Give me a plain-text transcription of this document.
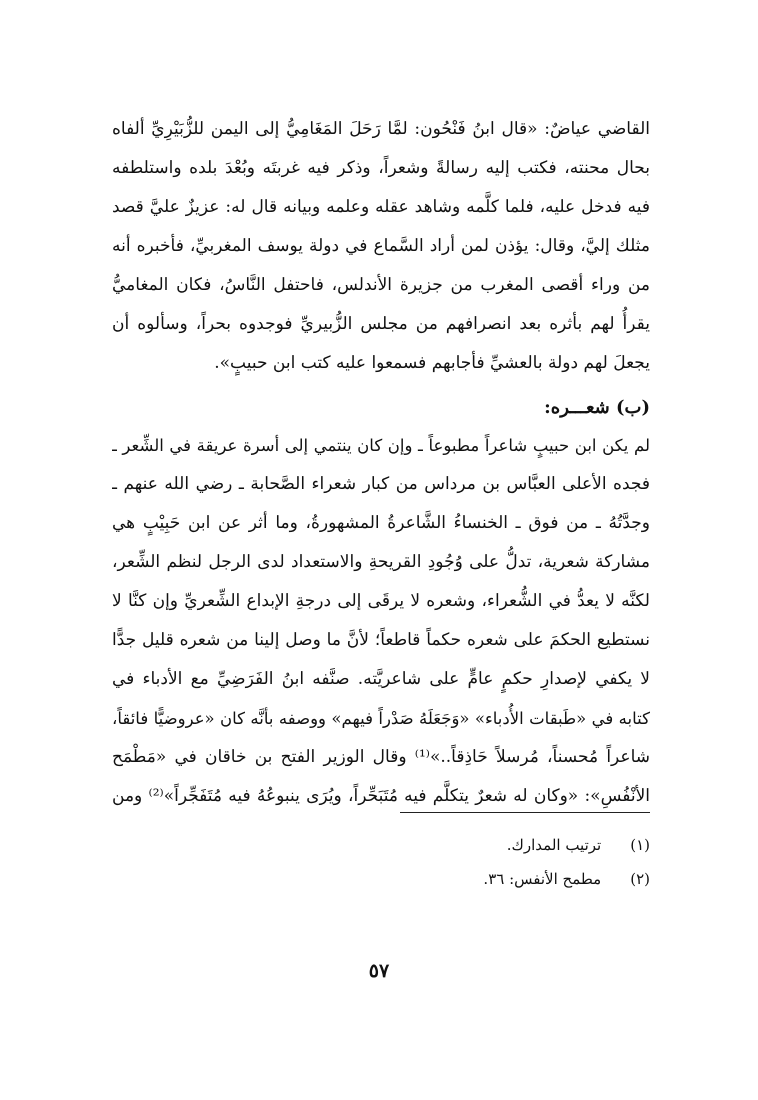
القاضي عياضٌ: «قال ابنُ فَنْحُون: لمَّا رَحَلَ المَغَامِيُّ إلى اليمن للزُّبَيْرِيِّ ألفاه
بحال محنته، فكتب إليه رسالةً وشعراً، وذكر فيه غربتَه وبُعْدَ بلده واستلطفه
فيه فدخل عليه، فلما كلَّمه وشاهد عقله وعلمه وبيانه قال له: عزيزٌ عليَّ قصد
مثلك إليَّ، وقال: يؤذن لمن أراد السَّماع في دولة يوسف المغربيِّ، فأخبره أنه
من وراء أقصى المغرب من جزيرة الأندلس، فاحتفل النَّاسُ، فكان المغاميُّ
يقرأُ لهم بأثره بعد انصرافهم من مجلس الزُّبيريِّ فوجدوه بحراً، وسألوه أن
يجعلَ لهم دولة بالعشيِّ فأجابهم فسمعوا عليه كتب ابن حبيبٍ».
(ب) شعـــره:
لم يكن ابن حبيبٍ شاعراً مطبوعاً ـ وإن كان ينتمي إلى أسرة عريقة في الشِّعر ـ
فجده الأعلى العبَّاس بن مرداس من كبار شعراء الصَّحابة ـ رضي الله عنهم ـ
وجدَّتُهُ ـ من فوق ـ الخنساءُ الشَّاعرةُ المشهورةُ، وما أثر عن ابن حَبِيْبٍ هي
مشاركة شعرية، تدلُّ على وُجُودِ القريحةِ والاستعداد لدى الرجل لنظم الشِّعر،
لكنَّه لا يعدُّ في الشُّعراء، وشعره لا يرقَى إلى درجةِ الإبداع الشِّعريِّ وإن كنَّا لا
نستطيع الحكمَ على شعره حكماً قاطعاً؛ لأنَّ ما وصل إلينا من شعره قليل جدًّا
لا يكفي لإصدارِ حكمٍ عامٍّ على شاعريَّته. صنَّفه ابنُ الفَرَضِيِّ مع الأدباء في
كتابه في «طَبقات الأُدباء» «وَجَعَلَهُ صَدْراً فيهم» ووصفه بأنَّه كان «عروضيًّا فائقاً،
شاعراً مُحسناً، مُرسلاً حَاذِقاً..»⁽¹⁾ وقال الوزير الفتح بن خاقان في «مَطْمَح
الأنْفُسِ»: «وكان له شعرٌ يتكلَّم فيه مُتَبَحِّراً، ويُرَى ينبوعُهُ فيه مُتَفَجِّراً»⁽²⁾ ومن
(١) ترتيب المدارك.
(٢) مطمح الأنفس: ٣٦.
٥٧
